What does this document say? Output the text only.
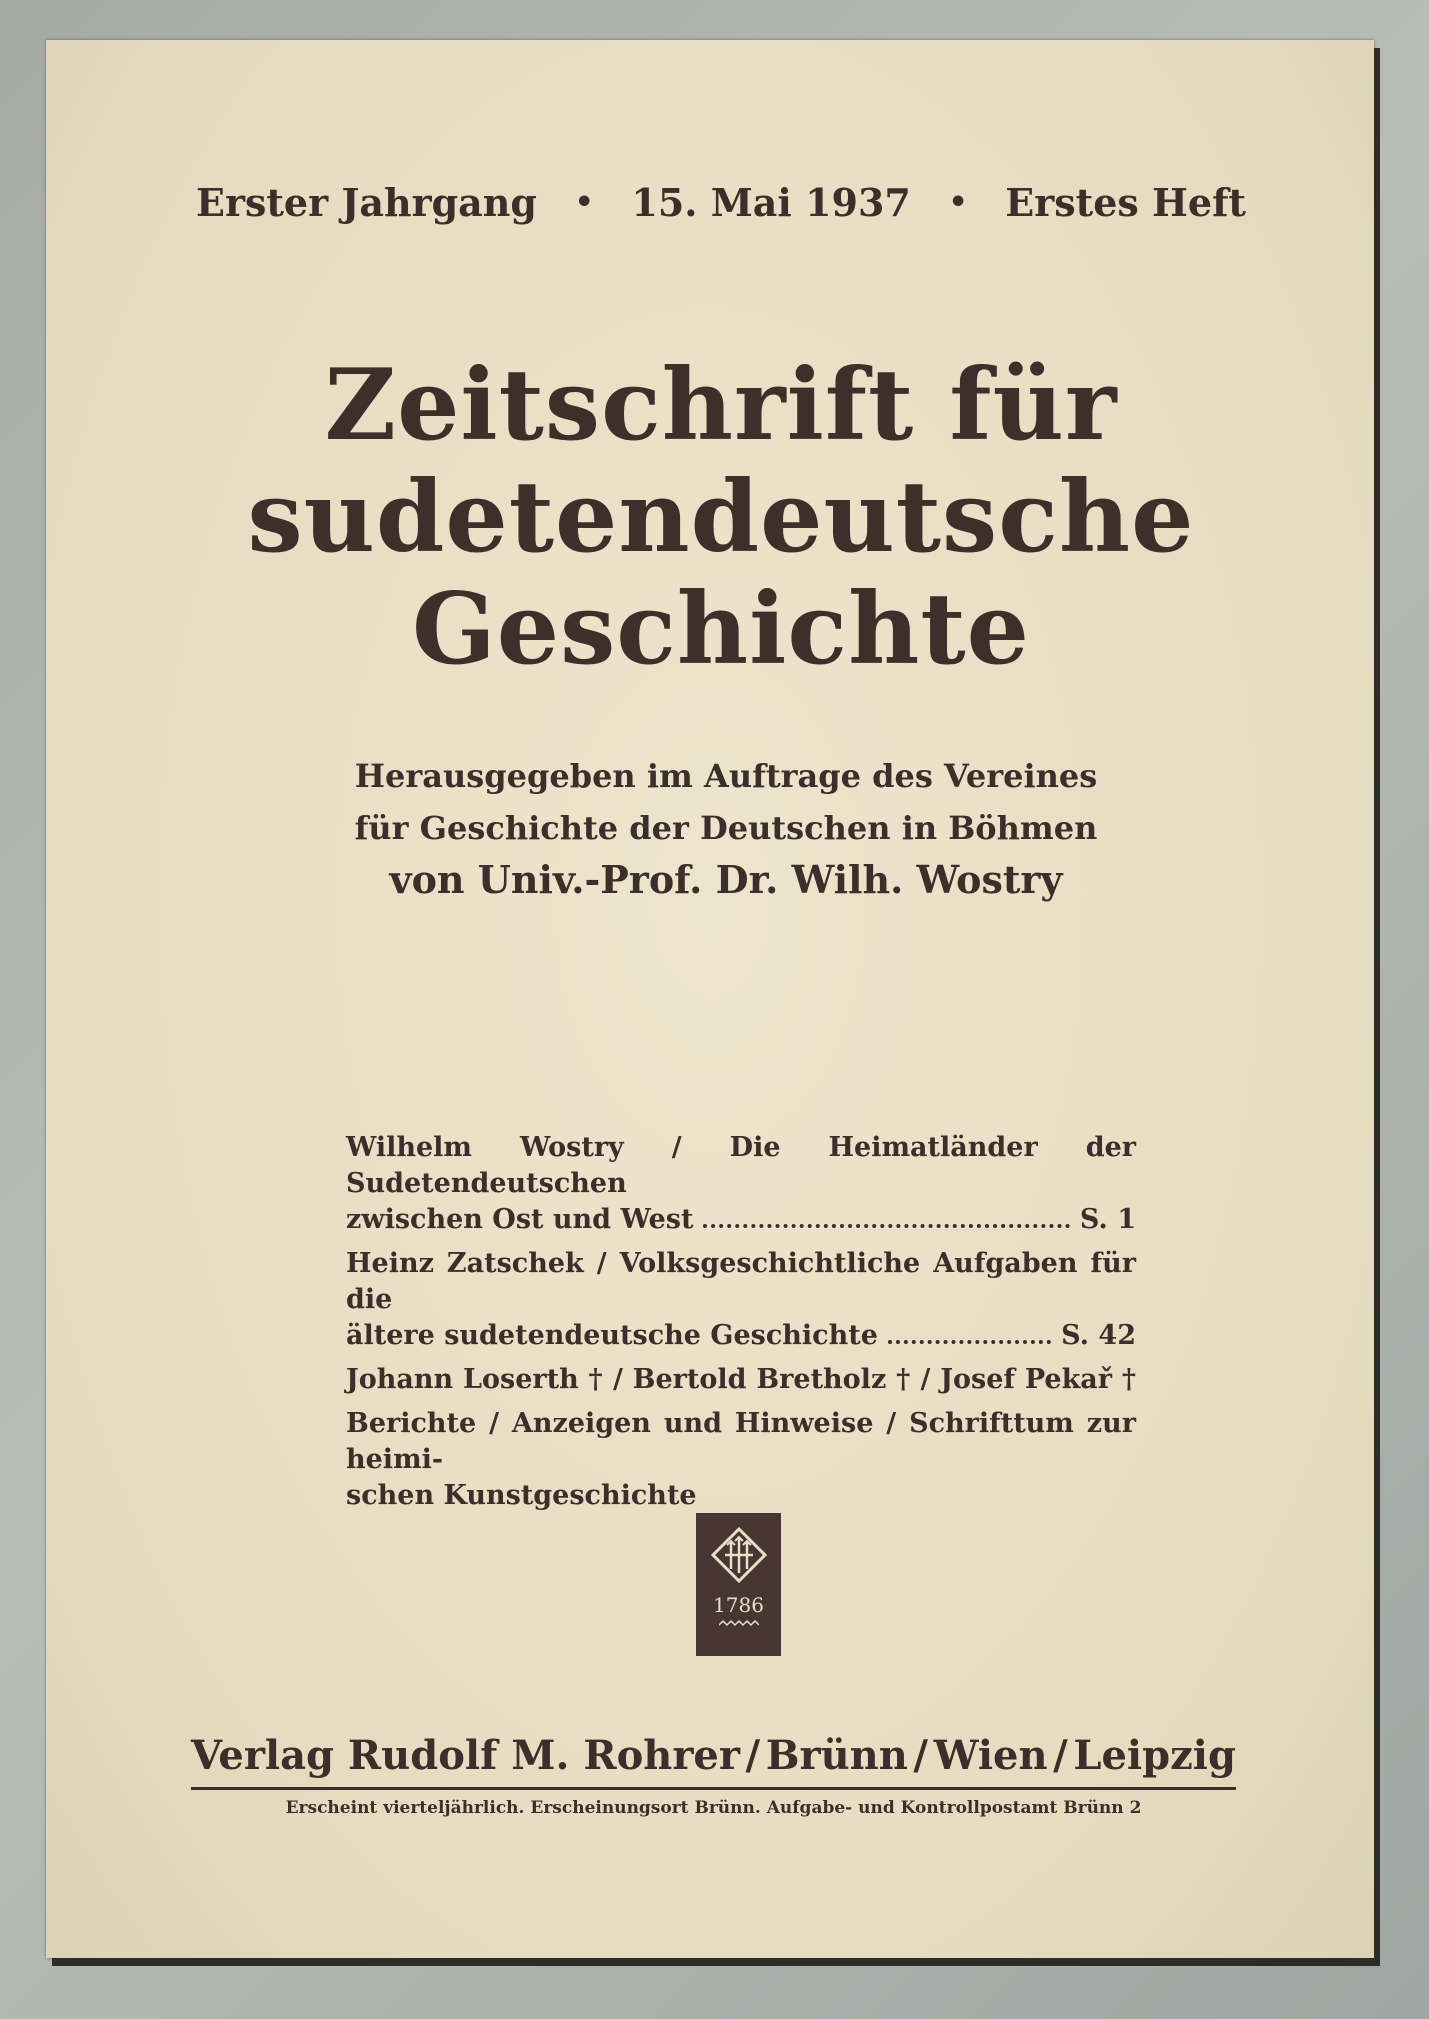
Erster Jahrgang • 15. Mai 1937 • Erstes Heft
Zeitschrift für
sudetendeutsche
Geschichte
Herausgegeben im Auftrage des Vereines
für Geschichte der Deutschen in Böhmen
von Univ.-Prof. Dr. Wilh. Wostry
Wilhelm Wostry / Die Heimatländer der Sudetendeutschen
zwischen Ost und West	S. 1
Heinz Zatschek / Volksgeschichtliche Aufgaben für die
ältere sudetendeutsche Geschichte	S. 42
Johann Loserth † / Bertold Bretholz † / Josef Pekař †
Berichte / Anzeigen und Hinweise / Schrifttum zur heimi-
schen Kunstgeschichte
1786
Verlag Rudolf M. Rohrer / Brünn / Wien / Leipzig
Erscheint vierteljährlich. Erscheinungsort Brünn. Aufgabe- und Kontrollpostamt Brünn 2
